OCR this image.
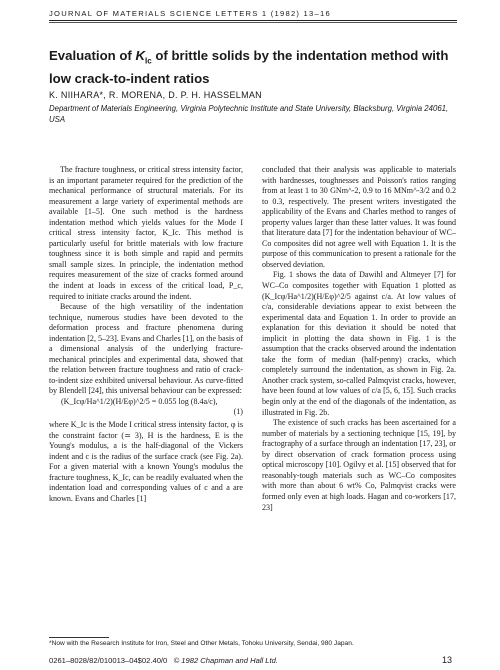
JOURNAL OF MATERIALS SCIENCE LETTERS 1 (1982) 13–16
Evaluation of $K_{Ic}$ of brittle solids by the indentation method with low crack-to-indent ratios
K. NIIHARA*, R. MORENA, D. P. H. HASSELMAN
Department of Materials Engineering, Virginia Polytechnic Institute and State University, Blacksburg, Virginia 24061, USA

The fracture toughness, or critical stress intensity factor, is an important parameter required for the prediction of the mechanical performance of structural materials. For its measurement a large variety of experimental methods are available [1–5]. One such method is the hardness indentation method which yields values for the Mode I critical stress intensity factor, K_Ic. This method is particularly useful for brittle materials with low fracture toughness since it is both simple and rapid and permits small sample sizes. In principle, the indentation method requires measurement of the size of cracks formed around the indent at loads in excess of the critical load, P_c, required to initiate cracks around the indent.

Because of the high versatility of the indentation technique, numerous studies have been devoted to the deformation process and fracture phenomena during indentation [2, 5–23]. Evans and Charles [1], on the basis of a dimensional analysis of the underlying fracture-mechanical principles and experimental data, showed that the relation between fracture toughness and ratio of crack-to-indent size exhibited universal behaviour. As curve-fitted by Blendell [24], this universal behaviour can be expressed:

(K_Icφ/Ha^1/2)(H/Eφ)^2/5 = 0.055 log (8.4a/c),
(1)

where K_Ic is the Mode I critical stress intensity factor, φ is the constraint factor (≃ 3), H is the hardness, E is the Young's modulus, a is the half-diagonal of the Vickers indent and c is the radius of the surface crack (see Fig. 2a). For a given material with a known Young's modulus the fracture toughness, K_Ic, can be readily evaluated when the indentation load and corresponding values of c and a are known. Evans and Charles [1]

concluded that their analysis was applicable to materials with hardnesses, toughnesses and Poisson's ratios ranging from at least 1 to 30 GNm^-2, 0.9 to 16 MNm^-3/2 and 0.2 to 0.3, respectively. The present writers investigated the applicability of the Evans and Charles method to ranges of property values larger than these latter values. It was found that literature data [7] for the indentation behaviour of WC–Co composites did not agree well with Equation 1. It is the purpose of this communication to present a rationale for the observed deviation.

Fig. 1 shows the data of Dawihl and Altmeyer [7] for WC–Co composites together with Equation 1 plotted as (K_Icφ/Ha^1/2)(H/Eφ)^2/5 against c/a. At low values of c/a, considerable deviations appear to exist between the experimental data and Equation 1. In order to provide an explanation for this deviation it should be noted that implicit in plotting the data shown in Fig. 1 is the assumption that the cracks observed around the indentation take the form of median (half-penny) cracks, which completely surround the indentation, as shown in Fig. 2a. Another crack system, so-called Palmqvist cracks, however, have been found at low values of c/a [5, 6, 15]. Such cracks begin only at the end of the diagonals of the indentation, as illustrated in Fig. 2b.

The existence of such cracks has been ascertained for a number of materials by a sectioning technique [15, 19], by fractography of a surface through an indentation [17, 23], or by direct observation of crack formation process using optical microscopy [10]. Ogilvy et al. [15] observed that for reasonably-tough materials such as WC–Co composites with more than about 6 wt% Co, Palmqvist cracks were formed only even at high loads. Hagan and co-workers [17, 23]

*Now with the Research Institute for Iron, Steel and Other Metals, Tohoku University, Sendai, 980 Japan.
0261–8028/82/010013–04$02.40/0 © 1982 Chapman and Hall Ltd.	13
